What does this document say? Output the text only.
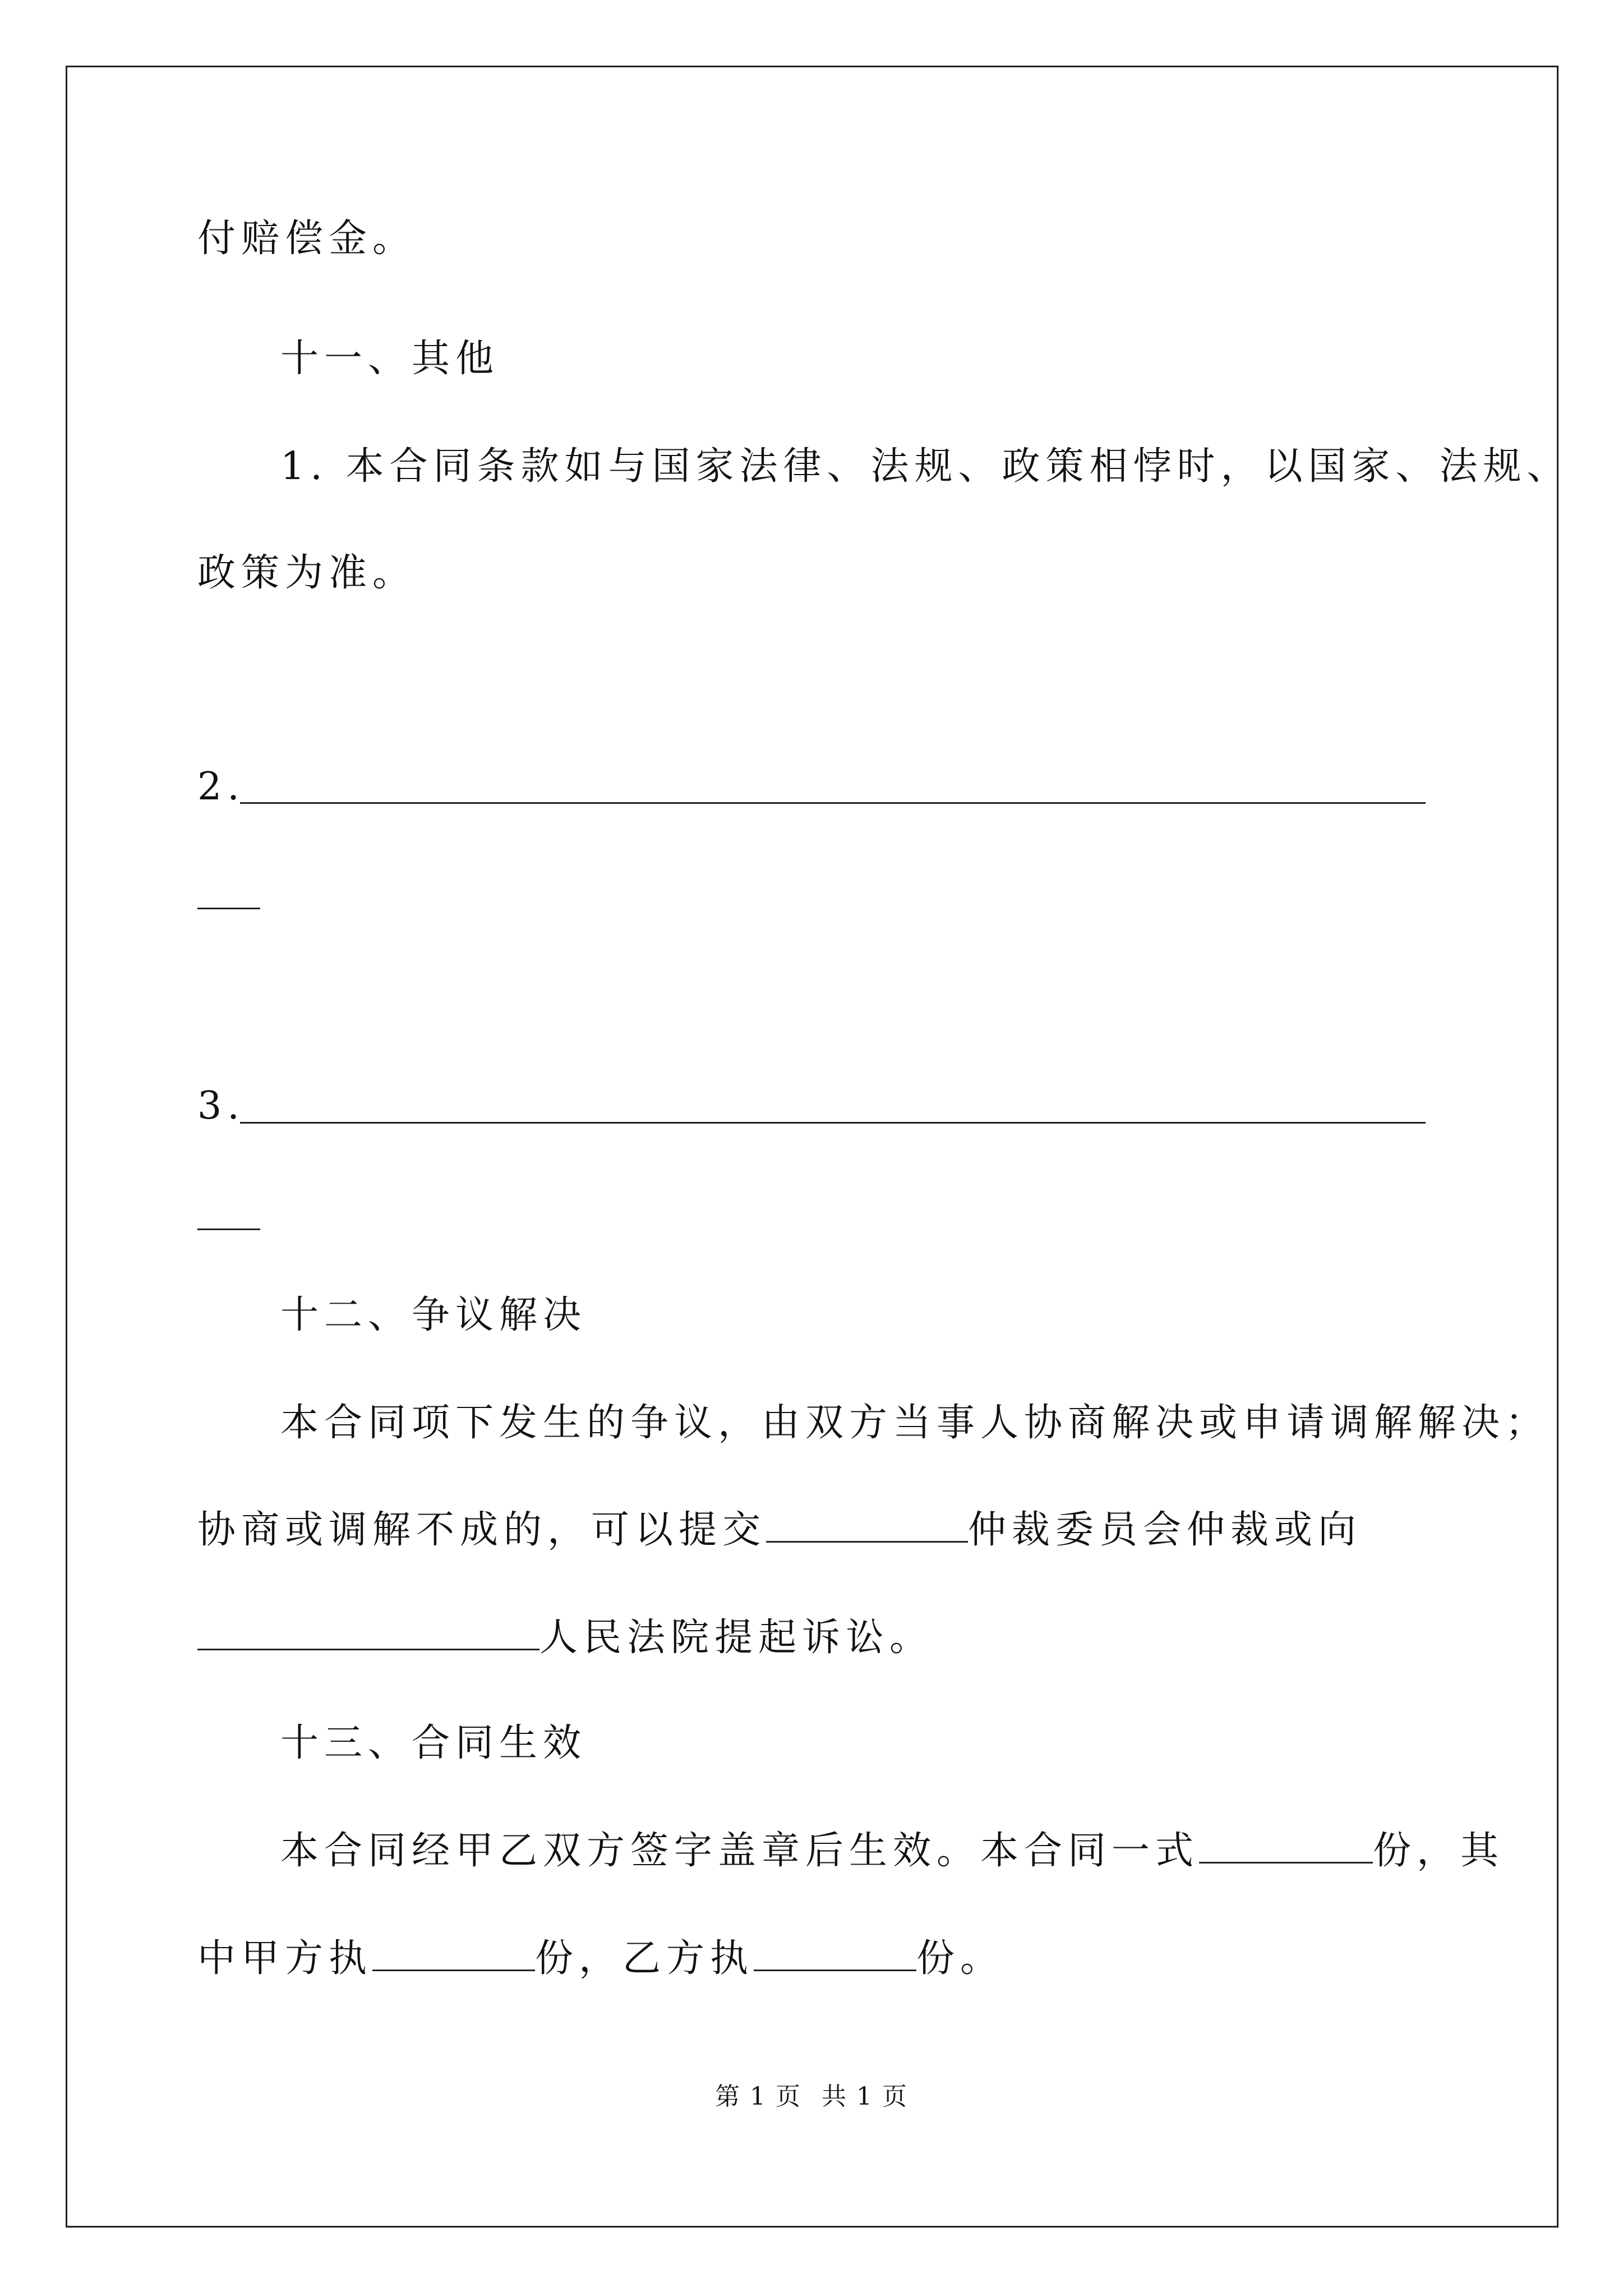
付赔偿金。
十一、其他
1. 本合同条款如与国家法律、法规、政策相悖时，以国家、法规、
政策为准。
2.
3.
十二、争议解决
本合同项下发生的争议，由双方当事人协商解决或申请调解解决；
协商或调解不成的，可以提交	仲裁委员会仲裁或向
人民法院提起诉讼。
十三、合同生效
本合同经甲乙双方签字盖章后生效。本合同一式	份，其
中甲方执	份，乙方执	份。
第 1 页 共 1 页
